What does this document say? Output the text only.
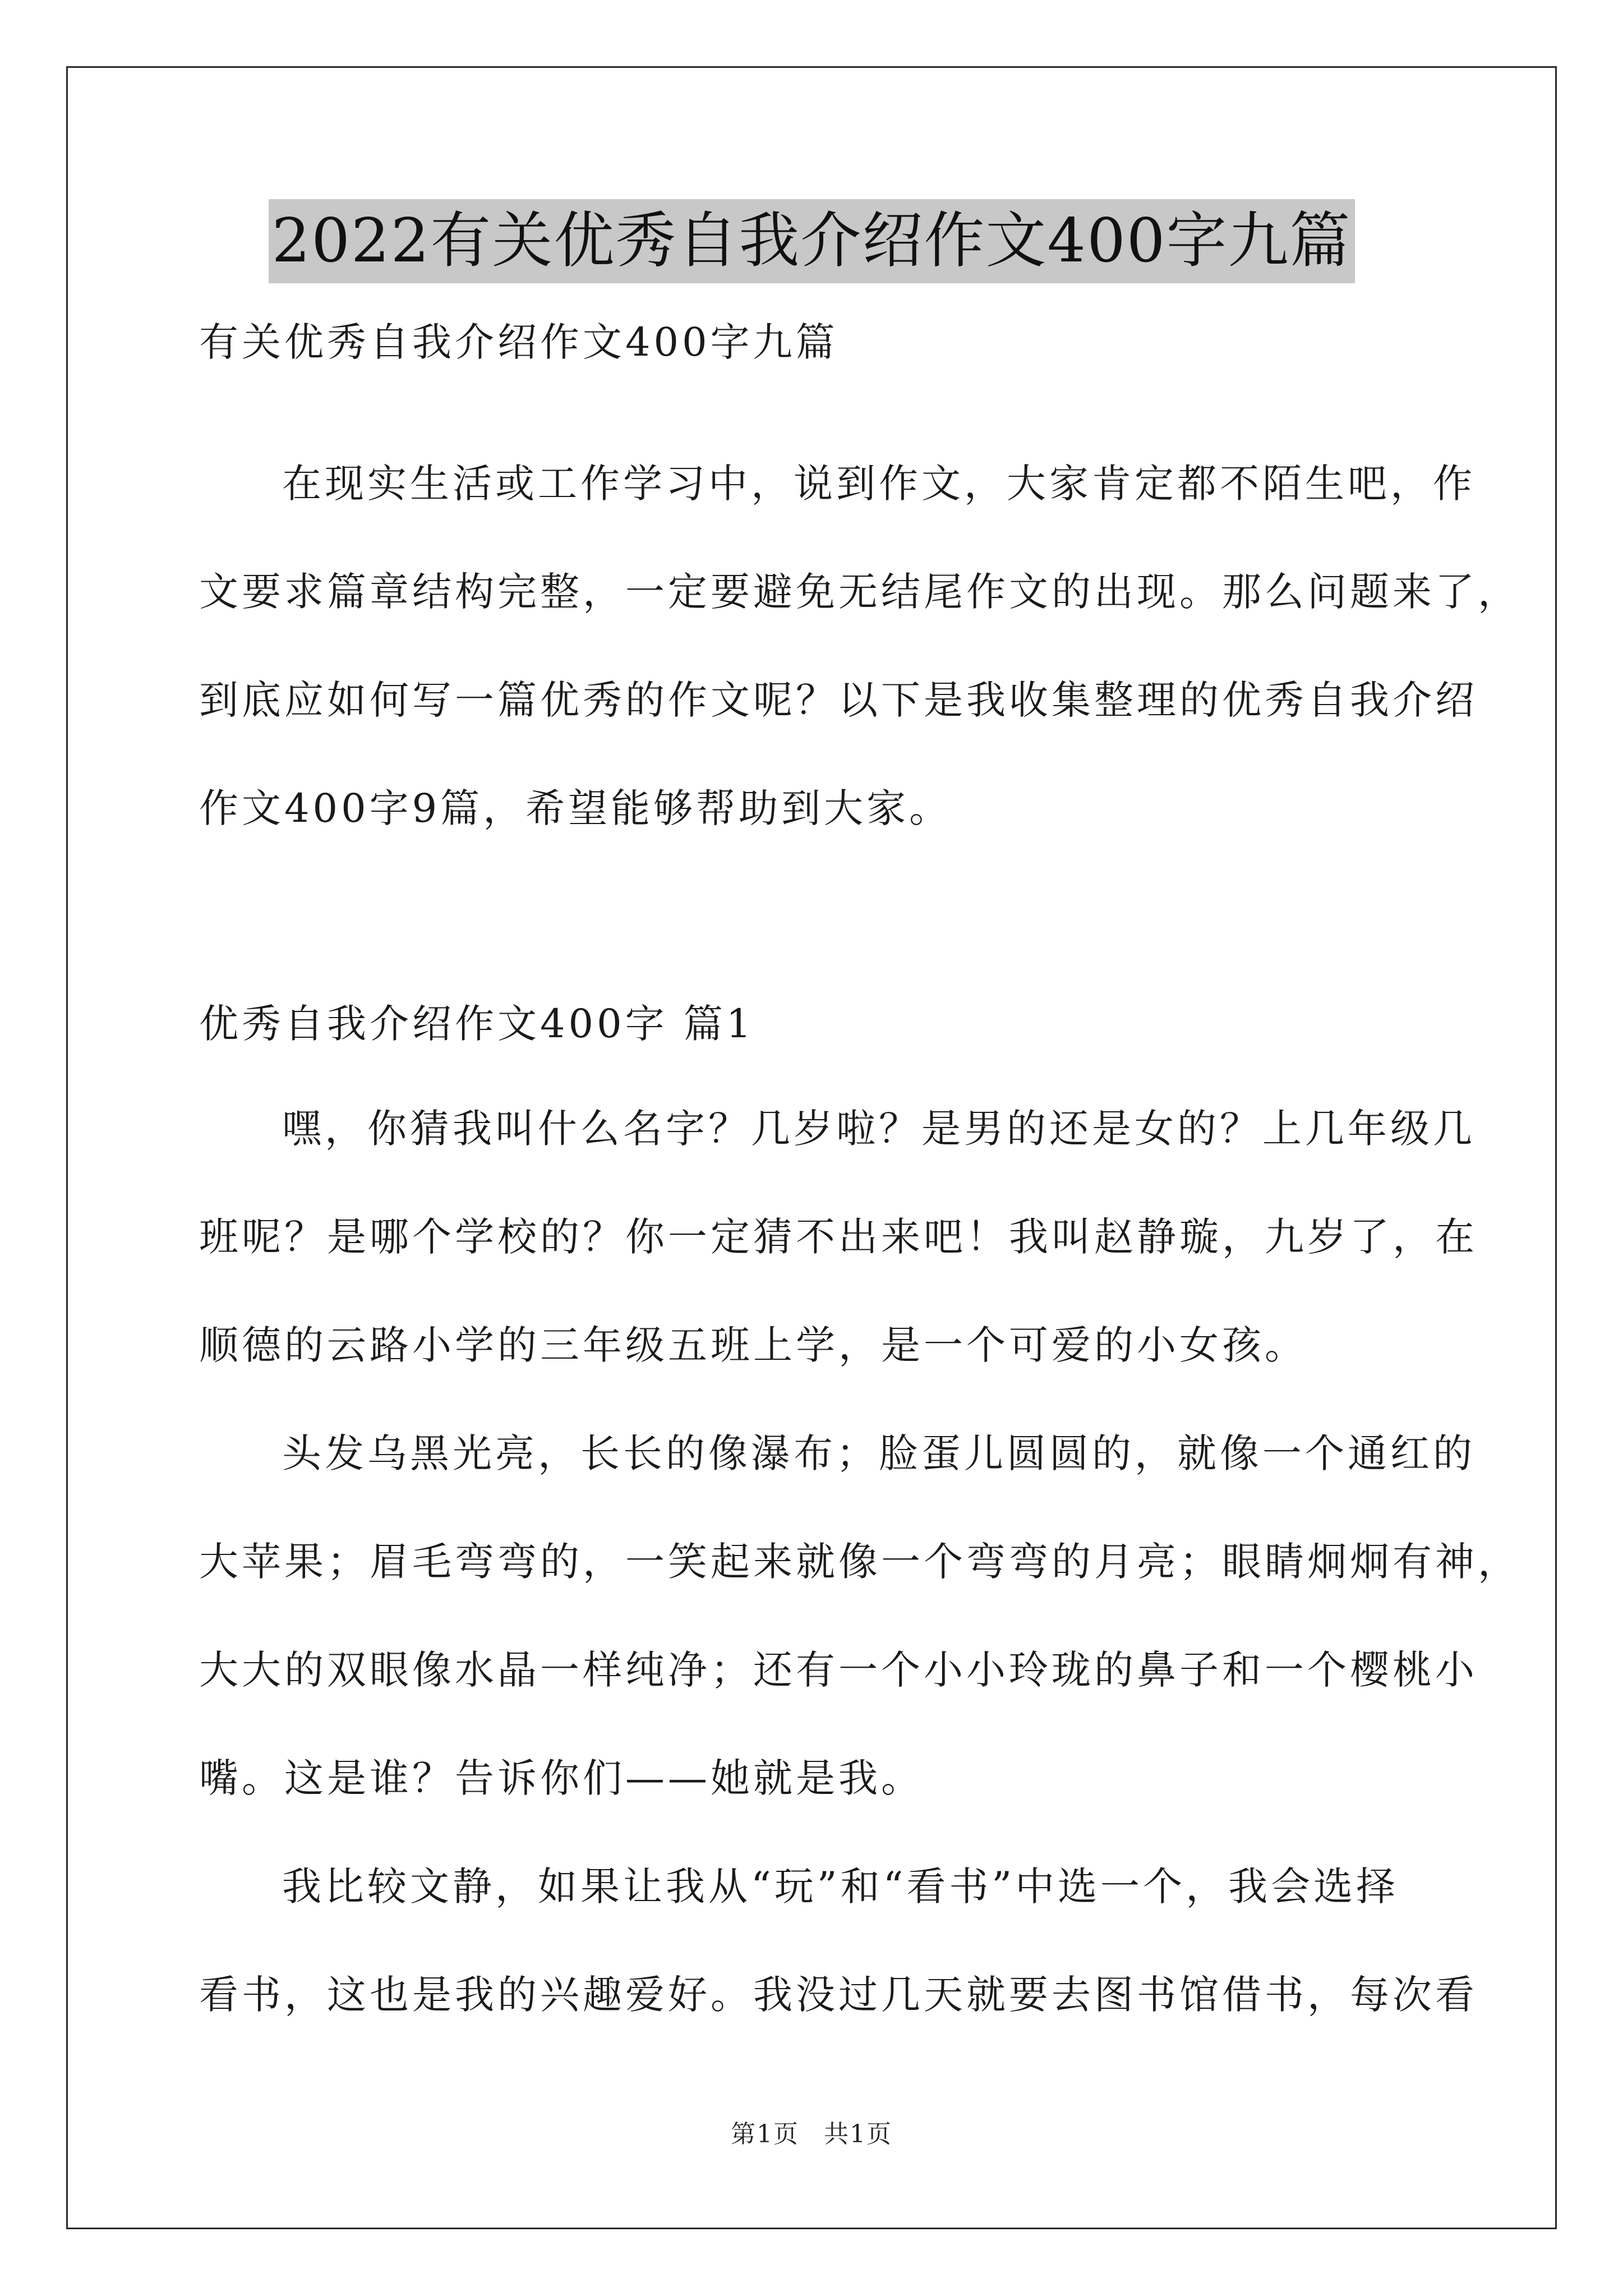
2022有关优秀自我介绍作文400字九篇
有关优秀自我介绍作文400字九篇
在现实生活或工作学习中，说到作文，大家肯定都不陌生吧，作
文要求篇章结构完整，一定要避免无结尾作文的出现。那么问题来了，
到底应如何写一篇优秀的作文呢？以下是我收集整理的优秀自我介绍
作文400字9篇，希望能够帮助到大家。
优秀自我介绍作文400字 篇1
嘿，你猜我叫什么名字？几岁啦？是男的还是女的？上几年级几
班呢？是哪个学校的？你一定猜不出来吧！我叫赵静璇，九岁了，在
顺德的云路小学的三年级五班上学，是一个可爱的小女孩。
头发乌黑光亮，长长的像瀑布；脸蛋儿圆圆的，就像一个通红的
大苹果；眉毛弯弯的，一笑起来就像一个弯弯的月亮；眼睛炯炯有神，
大大的双眼像水晶一样纯净；还有一个小小玲珑的鼻子和一个樱桃小
嘴。这是谁？告诉你们——她就是我。
我比较文静，如果让我从“玩”和“看书”中选一个，我会选择
看书，这也是我的兴趣爱好。我没过几天就要去图书馆借书，每次看
第1页 共1页
